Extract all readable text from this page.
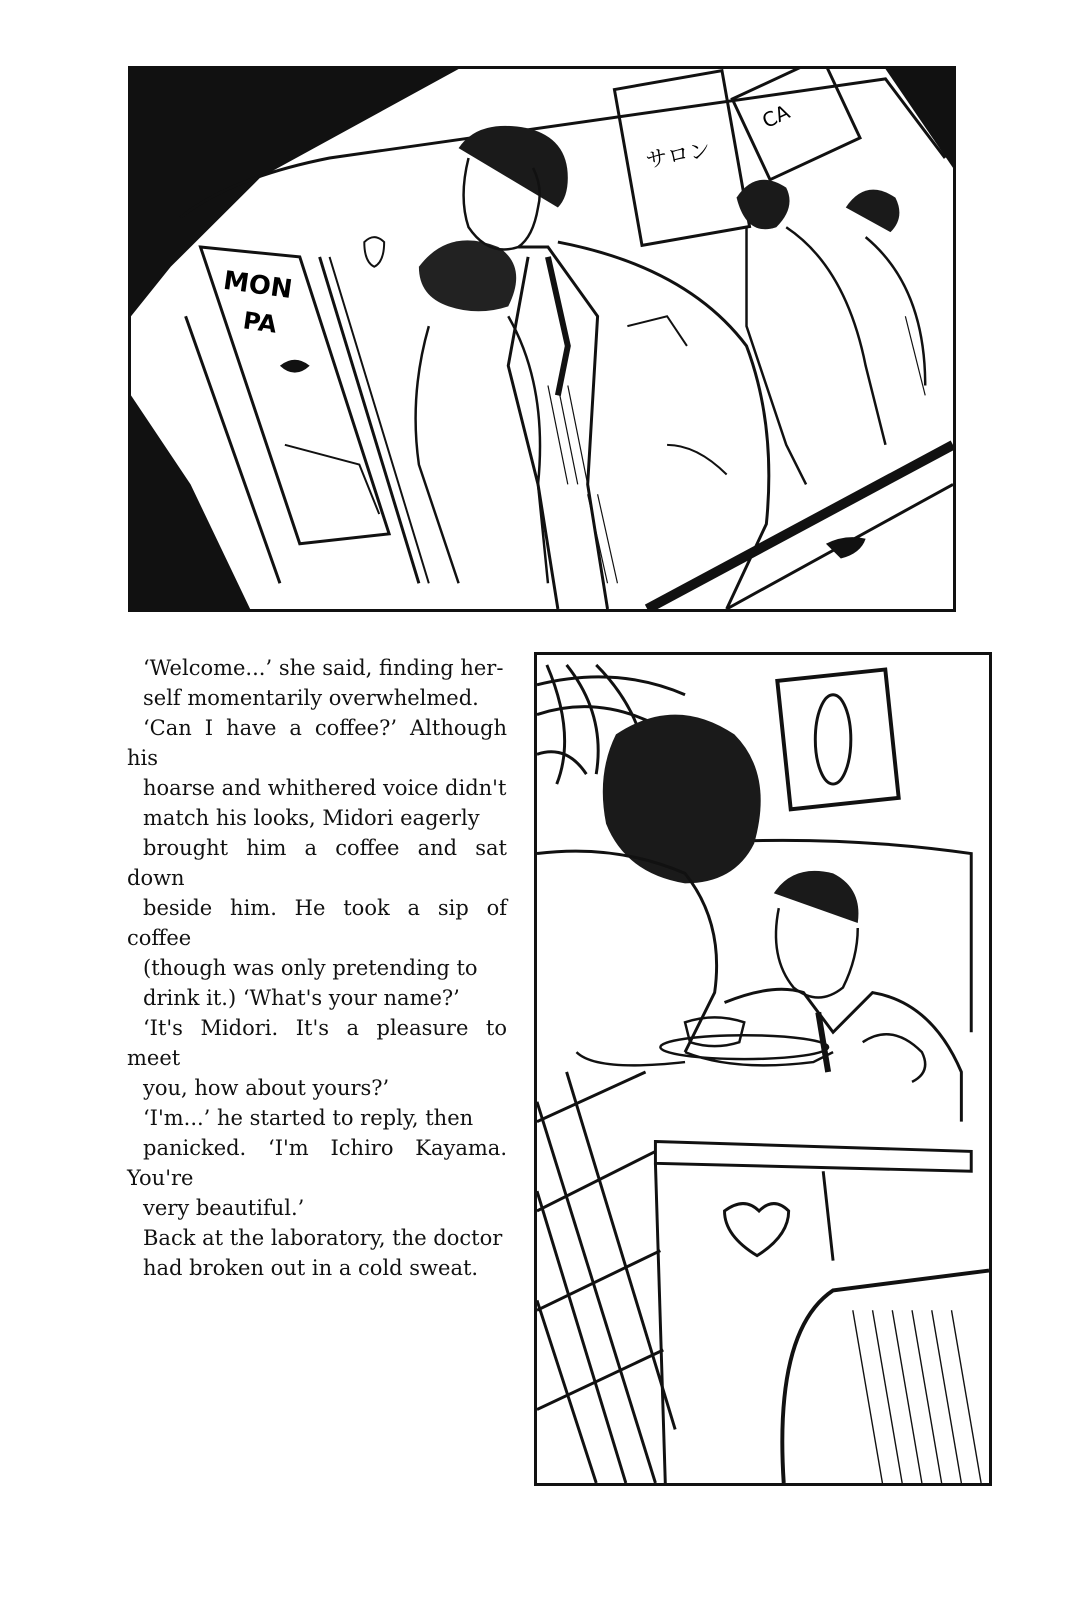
MON
PA
サロン
CA

‘Welcome...’ she said, finding her-
self momentarily overwhelmed.

‘Can I have a coffee?’ Although his
hoarse and whithered voice didn't
match his looks, Midori eagerly
brought him a coffee and sat down
beside him. He took a sip of coffee
(though was only pretending to
drink it.) ‘What's your name?’

‘It's Midori. It's a pleasure to meet
you, how about yours?’

‘I'm...’ he started to reply, then
panicked. ‘I'm Ichiro Kayama. You're
very beautiful.’

Back at the laboratory, the doctor
had broken out in a cold sweat.
